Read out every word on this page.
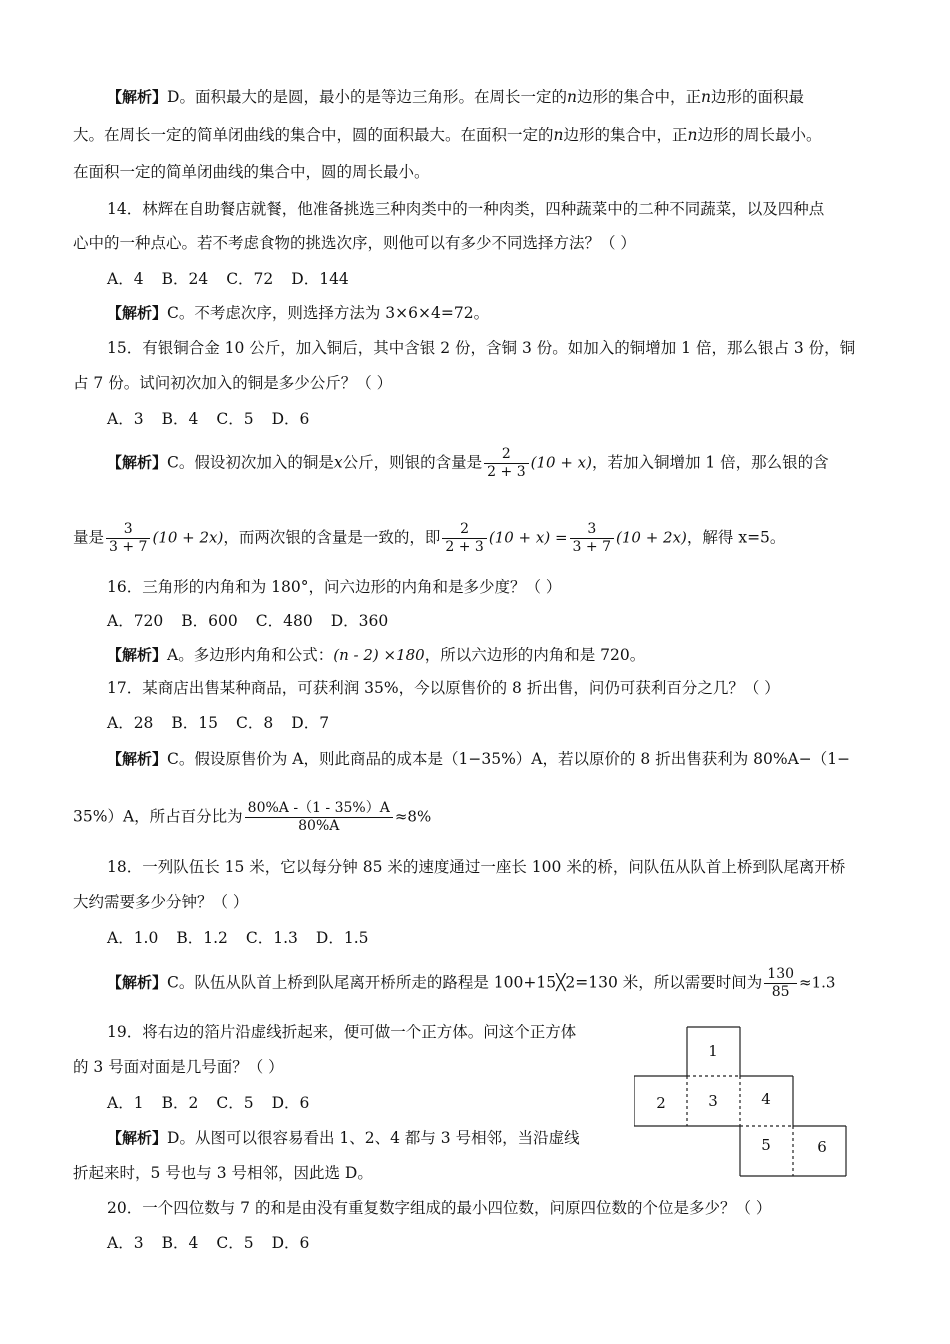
【解析】D。面积最大的是圆，最小的是等边三角形。在周长一定的n边形的集合中，正n边形的面积最
大。在周长一定的简单闭曲线的集合中，圆的面积最大。在面积一定的n边形的集合中，正n边形的周长最小。
在面积一定的简单闭曲线的集合中，圆的周长最小。
14．林辉在自助餐店就餐，他准备挑选三种肉类中的一种肉类，四种蔬菜中的二种不同蔬菜，以及四种点
心中的一种点心。若不考虑食物的挑选次序，则他可以有多少不同选择方法？（ ）
A．4 B．24 C．72 D．144
【解析】C。不考虑次序，则选择方法为 3×6×4=72。
15．有银铜合金 10 公斤，加入铜后，其中含银 2 份，含铜 3 份。如加入的铜增加 1 倍，那么银占 3 份，铜
占 7 份。试问初次加入的铜是多少公斤？（ ）
A．3 B．4 C．5 D．6
【解析】C。假设初次加入的铜是x公斤，则银的含量是 $\frac{2}{2 + 3} (10 + x)$，若加入铜增加 1 倍，那么银的含
量是 $\frac{3}{3 + 7} (10 + 2x)$，而两次银的含量是一致的，即 $\frac{2}{2 + 3} (10 + x) = \frac{3}{3 + 7} (10 + 2x)$，解得 x=5。
16．三角形的内角和为 180°，问六边形的内角和是多少度？（ ）
A．720 B．600 C．480 D．360
【解析】A。多边形内角和公式：(n - 2) ×180，所以六边形的内角和是 720。
17．某商店出售某种商品，可获利润 35%，今以原售价的 8 折出售，问仍可获利百分之几？（ ）
A．28 B．15 C．8 D．7
【解析】C。假设原售价为 A，则此商品的成本是（1−35%）A，若以原价的 8 折出售获利为 80%A−（1−
35%）A，所占百分比为 $\frac{80\%A -(1 - 35\%)A}{80\%A} \approx 8\%$
18．一列队伍长 15 米，它以每分钟 85 米的速度通过一座长 100 米的桥，问队伍从队首上桥到队尾离开桥
大约需要多少分钟？（ ）
A．1.0 B．1.2 C．1.3 D．1.5
【解析】C。队伍从队首上桥到队尾离开桥所走的路程是 100+15╳2=130 米，所以需要时间为 $\frac{130}{85} \approx 1.3$
19．将右边的箔片沿虚线折起来，便可做一个正方体。问这个正方体
的 3 号面对面是几号面？（ ）
A．1 B．2 C．5 D．6
【解析】D。从图可以很容易看出 1、2、4 都与 3 号相邻，当沿虚线
折起来时，5 号也与 3 号相邻，因此选 D。
1
2	3	4
5	6
20．一个四位数与 7 的和是由没有重复数字组成的最小四位数，问原四位数的个位是多少？（ ）
A．3 B．4 C．5 D．6
